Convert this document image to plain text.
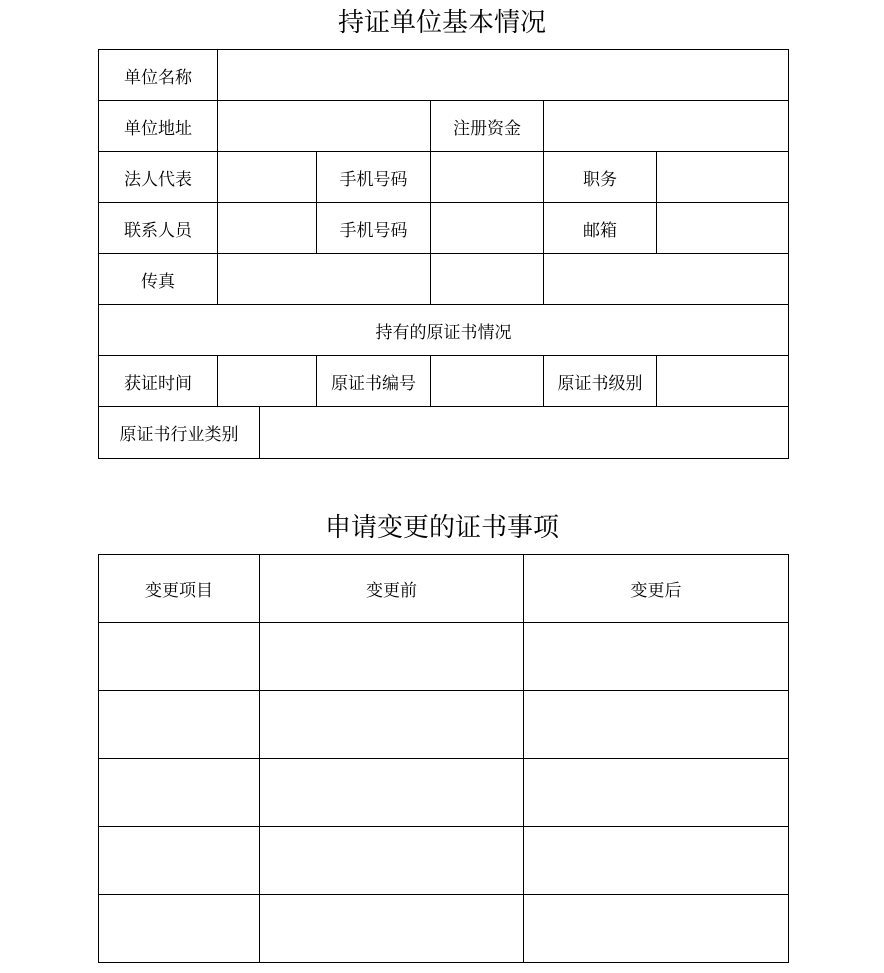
持证单位基本情况
单位名称						
单位地址				注册资金		
法人代表			手机号码		职务	
联系人员			手机号码		邮箱	
传真						
持有的原证书情况						
获证时间			原证书编号		原证书级别	
原证书行业类别						
申请变更的证书事项
变更项目	变更前	变更后
